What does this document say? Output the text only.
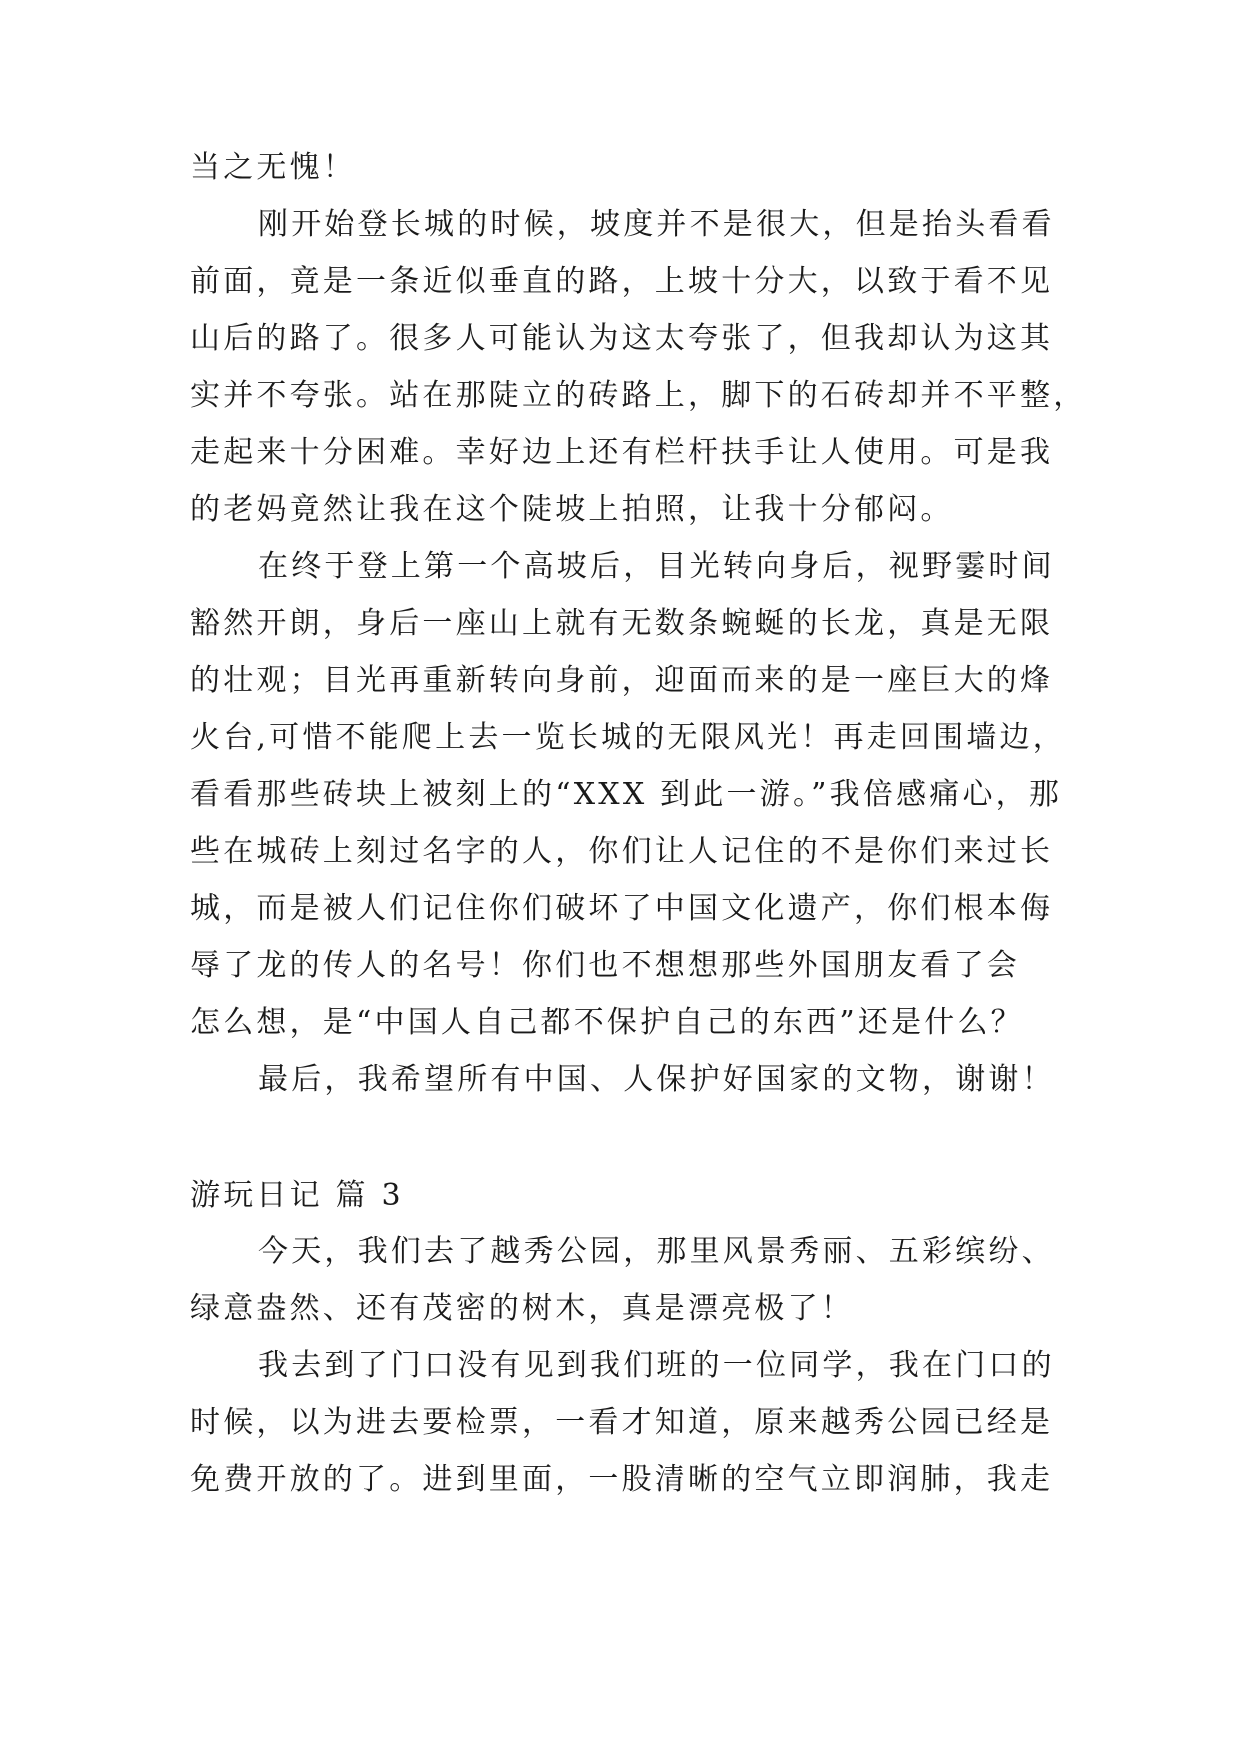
当之无愧！
刚开始登长城的时候，坡度并不是很大，但是抬头看看
前面，竟是一条近似垂直的路，上坡十分大，以致于看不见
山后的路了。很多人可能认为这太夸张了，但我却认为这其
实并不夸张。站在那陡立的砖路上，脚下的石砖却并不平整，
走起来十分困难。幸好边上还有栏杆扶手让人使用。可是我
的老妈竟然让我在这个陡坡上拍照，让我十分郁闷。
在终于登上第一个高坡后，目光转向身后，视野霎时间
豁然开朗，身后一座山上就有无数条蜿蜒的长龙，真是无限
的壮观；目光再重新转向身前，迎面而来的是一座巨大的烽
火台,可惜不能爬上去一览长城的无限风光！再走回围墙边，
看看那些砖块上被刻上的“XXX 到此一游。”我倍感痛心，那
些在城砖上刻过名字的人，你们让人记住的不是你们来过长
城，而是被人们记住你们破坏了中国文化遗产，你们根本侮
辱了龙的传人的名号！你们也不想想那些外国朋友看了会
怎么想，是“中国人自己都不保护自己的东西”还是什么？
最后，我希望所有中国、人保护好国家的文物，谢谢！
游玩日记 篇 3
今天，我们去了越秀公园，那里风景秀丽、五彩缤纷、
绿意盎然、还有茂密的树木，真是漂亮极了！
我去到了门口没有见到我们班的一位同学，我在门口的
时候，以为进去要检票，一看才知道，原来越秀公园已经是
免费开放的了。进到里面，一股清晰的空气立即润肺，我走
